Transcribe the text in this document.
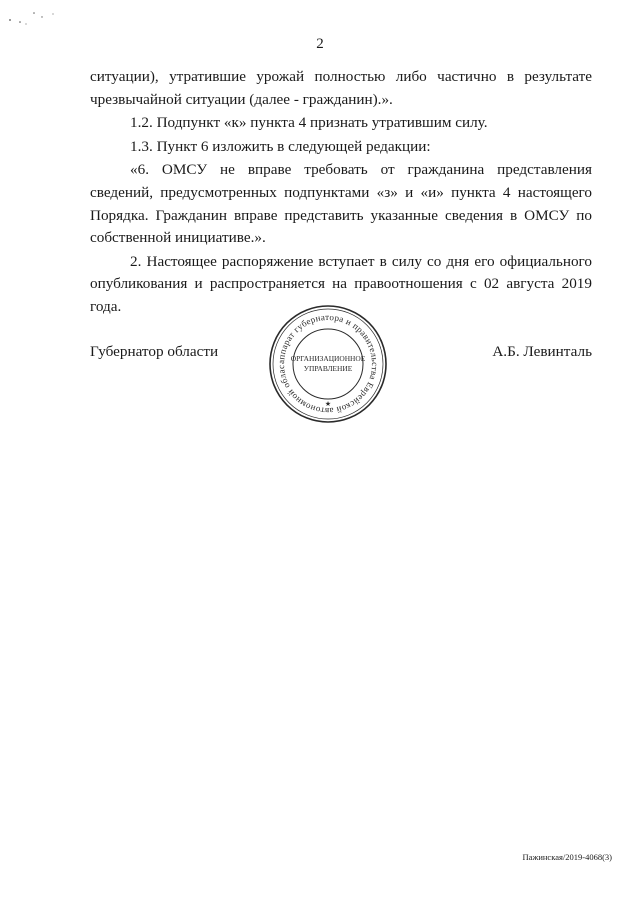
2

ситуации), утратившие урожай полностью либо частично в результате чрезвычайной ситуации (далее - гражданин).».

1.2. Подпункт «к» пункта 4 признать утратившим силу.

1.3. Пункт 6 изложить в следующей редакции:

«6. ОМСУ не вправе требовать от гражданина представления сведений, предусмотренных подпунктами «з» и «и» пункта 4 настоящего Порядка. Гражданин вправе представить указанные сведения в ОМСУ по собственной инициативе.».

2. Настоящее распоряжение вступает в силу со дня его официального опубликования и распространяется на правоотношения с 02 августа 2019 года.

Губернатор области	А.Б. Левинталь
аппарат губернатора и правительства Еврейской автономной облас
ОРГАНИЗАЦИОННОЕ
УПРАВЛЕНИЕ
★
Пажинская/2019-4068(3)
